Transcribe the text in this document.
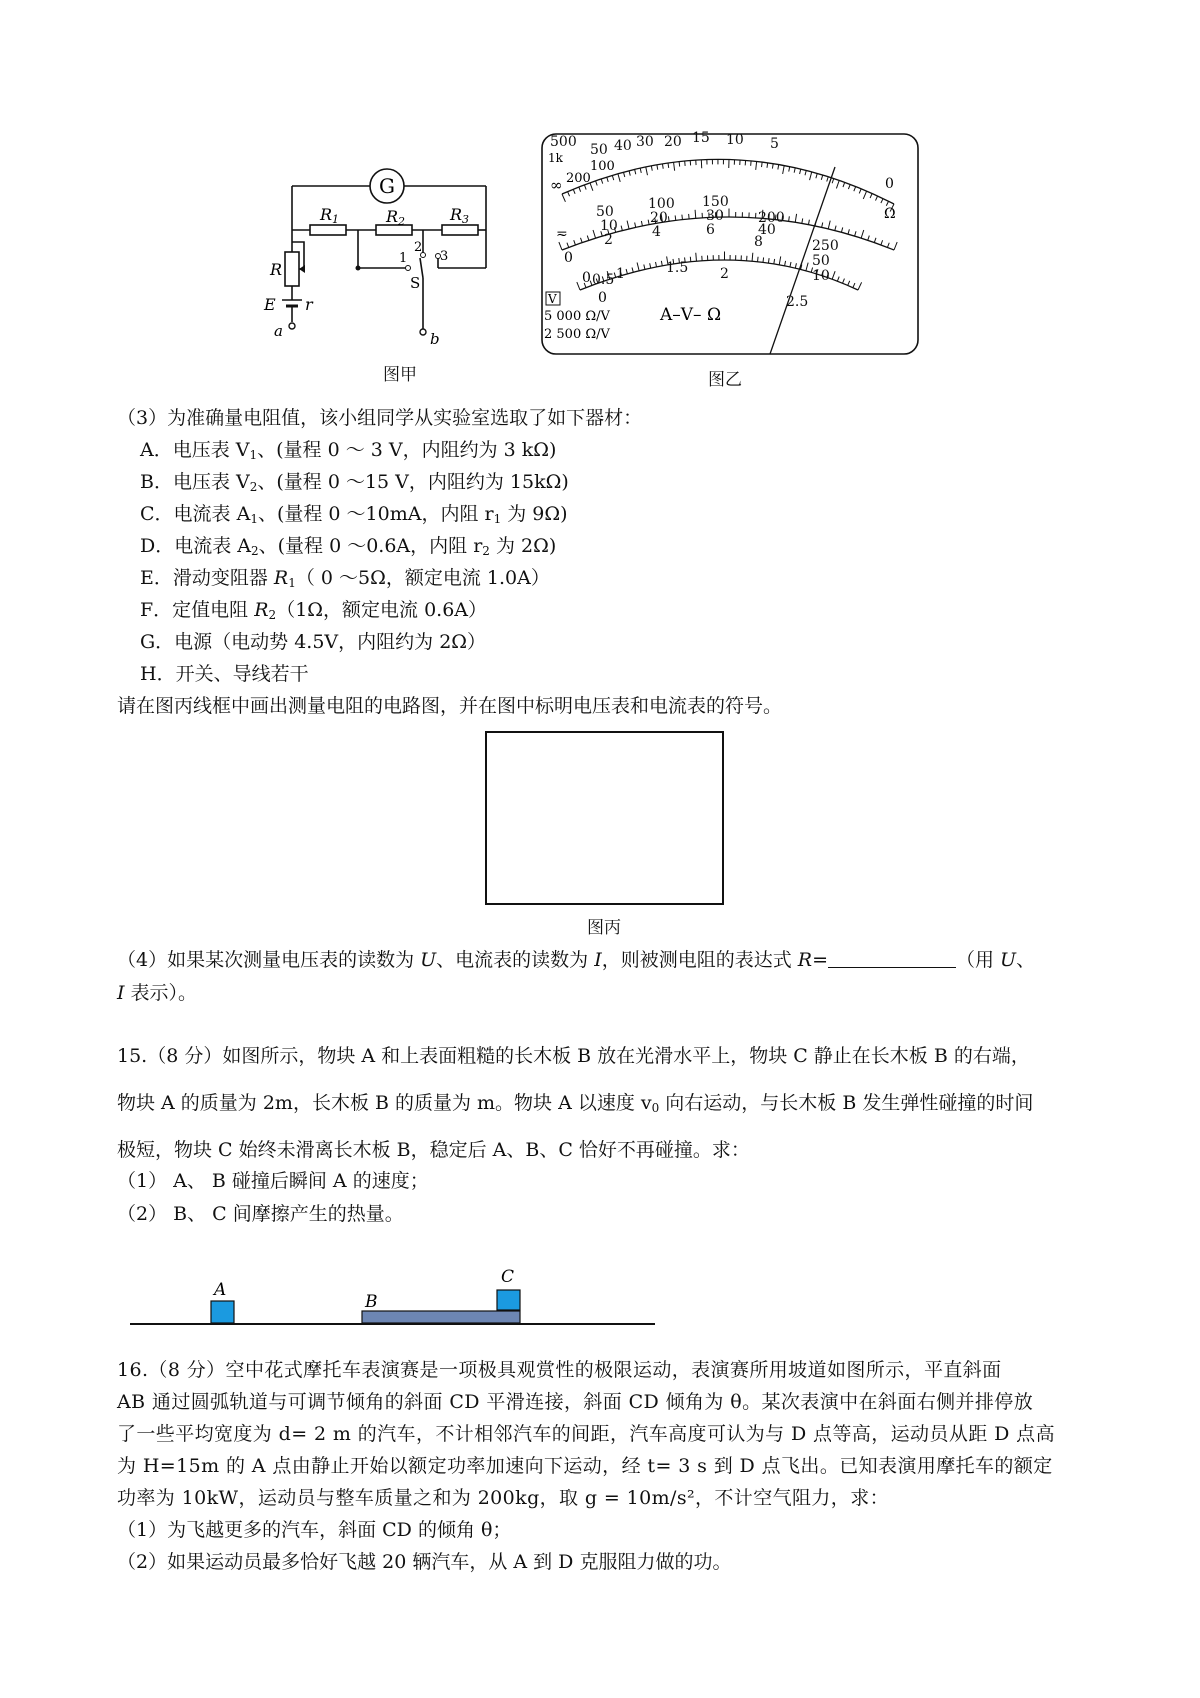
G
R1	R2	R3
2
1	3
S
R
E r
a	b
图甲
500 50 40 30 20 15 10 5
1k
100
200
∞	0
Ω
50 100 150
200
250
10 20	30
40
50
2	4	6
8
10
0.5 1	1.5 2
2.5
≂
0
0
0
V
5 000 Ω/V
2 500 Ω/V
A–V– Ω
图乙
（3）为准确量电阻值，该小组同学从实验室选取了如下器材：
A．电压表 $V_1$、(量程 0 ～ 3 V，内阻约为 3 kΩ)
B．电压表 $V_2$、(量程 0 ～15 V，内阻约为 15kΩ)
C．电流表 $A_1$、(量程 0 ～10mA，内阻 $r_1$ 为 9Ω)
D．电流表 $A_2$、(量程 0 ～0.6A，内阻 $r_2$ 为 2Ω)
E．滑动变阻器 $R_1$（ 0 ～5Ω，额定电流 1.0A）
F．定值电阻 $R_2(1\Omega$，额定电流 0.6A）
G．电源（电动势 4.5V，内阻约为 2Ω）
H．开关、导线若干
请在图丙线框中画出测量电阻的电路图，并在图中标明电压表和电流表的符号。
图丙
（4）如果某次测量电压表的读数为 U、电流表的读数为 I，则被测电阻的表达式 R=	（用 U、
I 表示）。
15.（8 分）如图所示，物块 A 和上表面粗糙的长木板 B 放在光滑水平上，物块 C 静止在长木板 B 的右端，
物块 A 的质量为 2m，长木板 B 的质量为 m。物块 A 以速度 $v_0$ 向右运动，与长木板 B 发生弹性碰撞的时间
极短，物块 C 始终未滑离长木板 B，稳定后 A、B、C 恰好不再碰撞。求：
（1） A、 B 碰撞后瞬间 A 的速度；
（2） B、 C 间摩擦产生的热量。
A
B
C
16.（8 分）空中花式摩托车表演赛是一项极具观赏性的极限运动，表演赛所用坡道如图所示，平直斜面
AB 通过圆弧轨道与可调节倾角的斜面 CD 平滑连接，斜面 CD 倾角为 θ。某次表演中在斜面右侧并排停放
了一些平均宽度为 d= 2 m 的汽车，不计相邻汽车的间距，汽车高度可认为与 D 点等高，运动员从距 D 点高
为 H=15m 的 A 点由静止开始以额定功率加速向下运动，经 t= 3 s 到 D 点飞出。已知表演用摩托车的额定
功率为 10kW，运动员与整车质量之和为 200kg，取 g = 10m/s²，不计空气阻力，求：
（1）为飞越更多的汽车，斜面 CD 的倾角 θ；
（2）如果运动员最多恰好飞越 20 辆汽车，从 A 到 D 克服阻力做的功。
